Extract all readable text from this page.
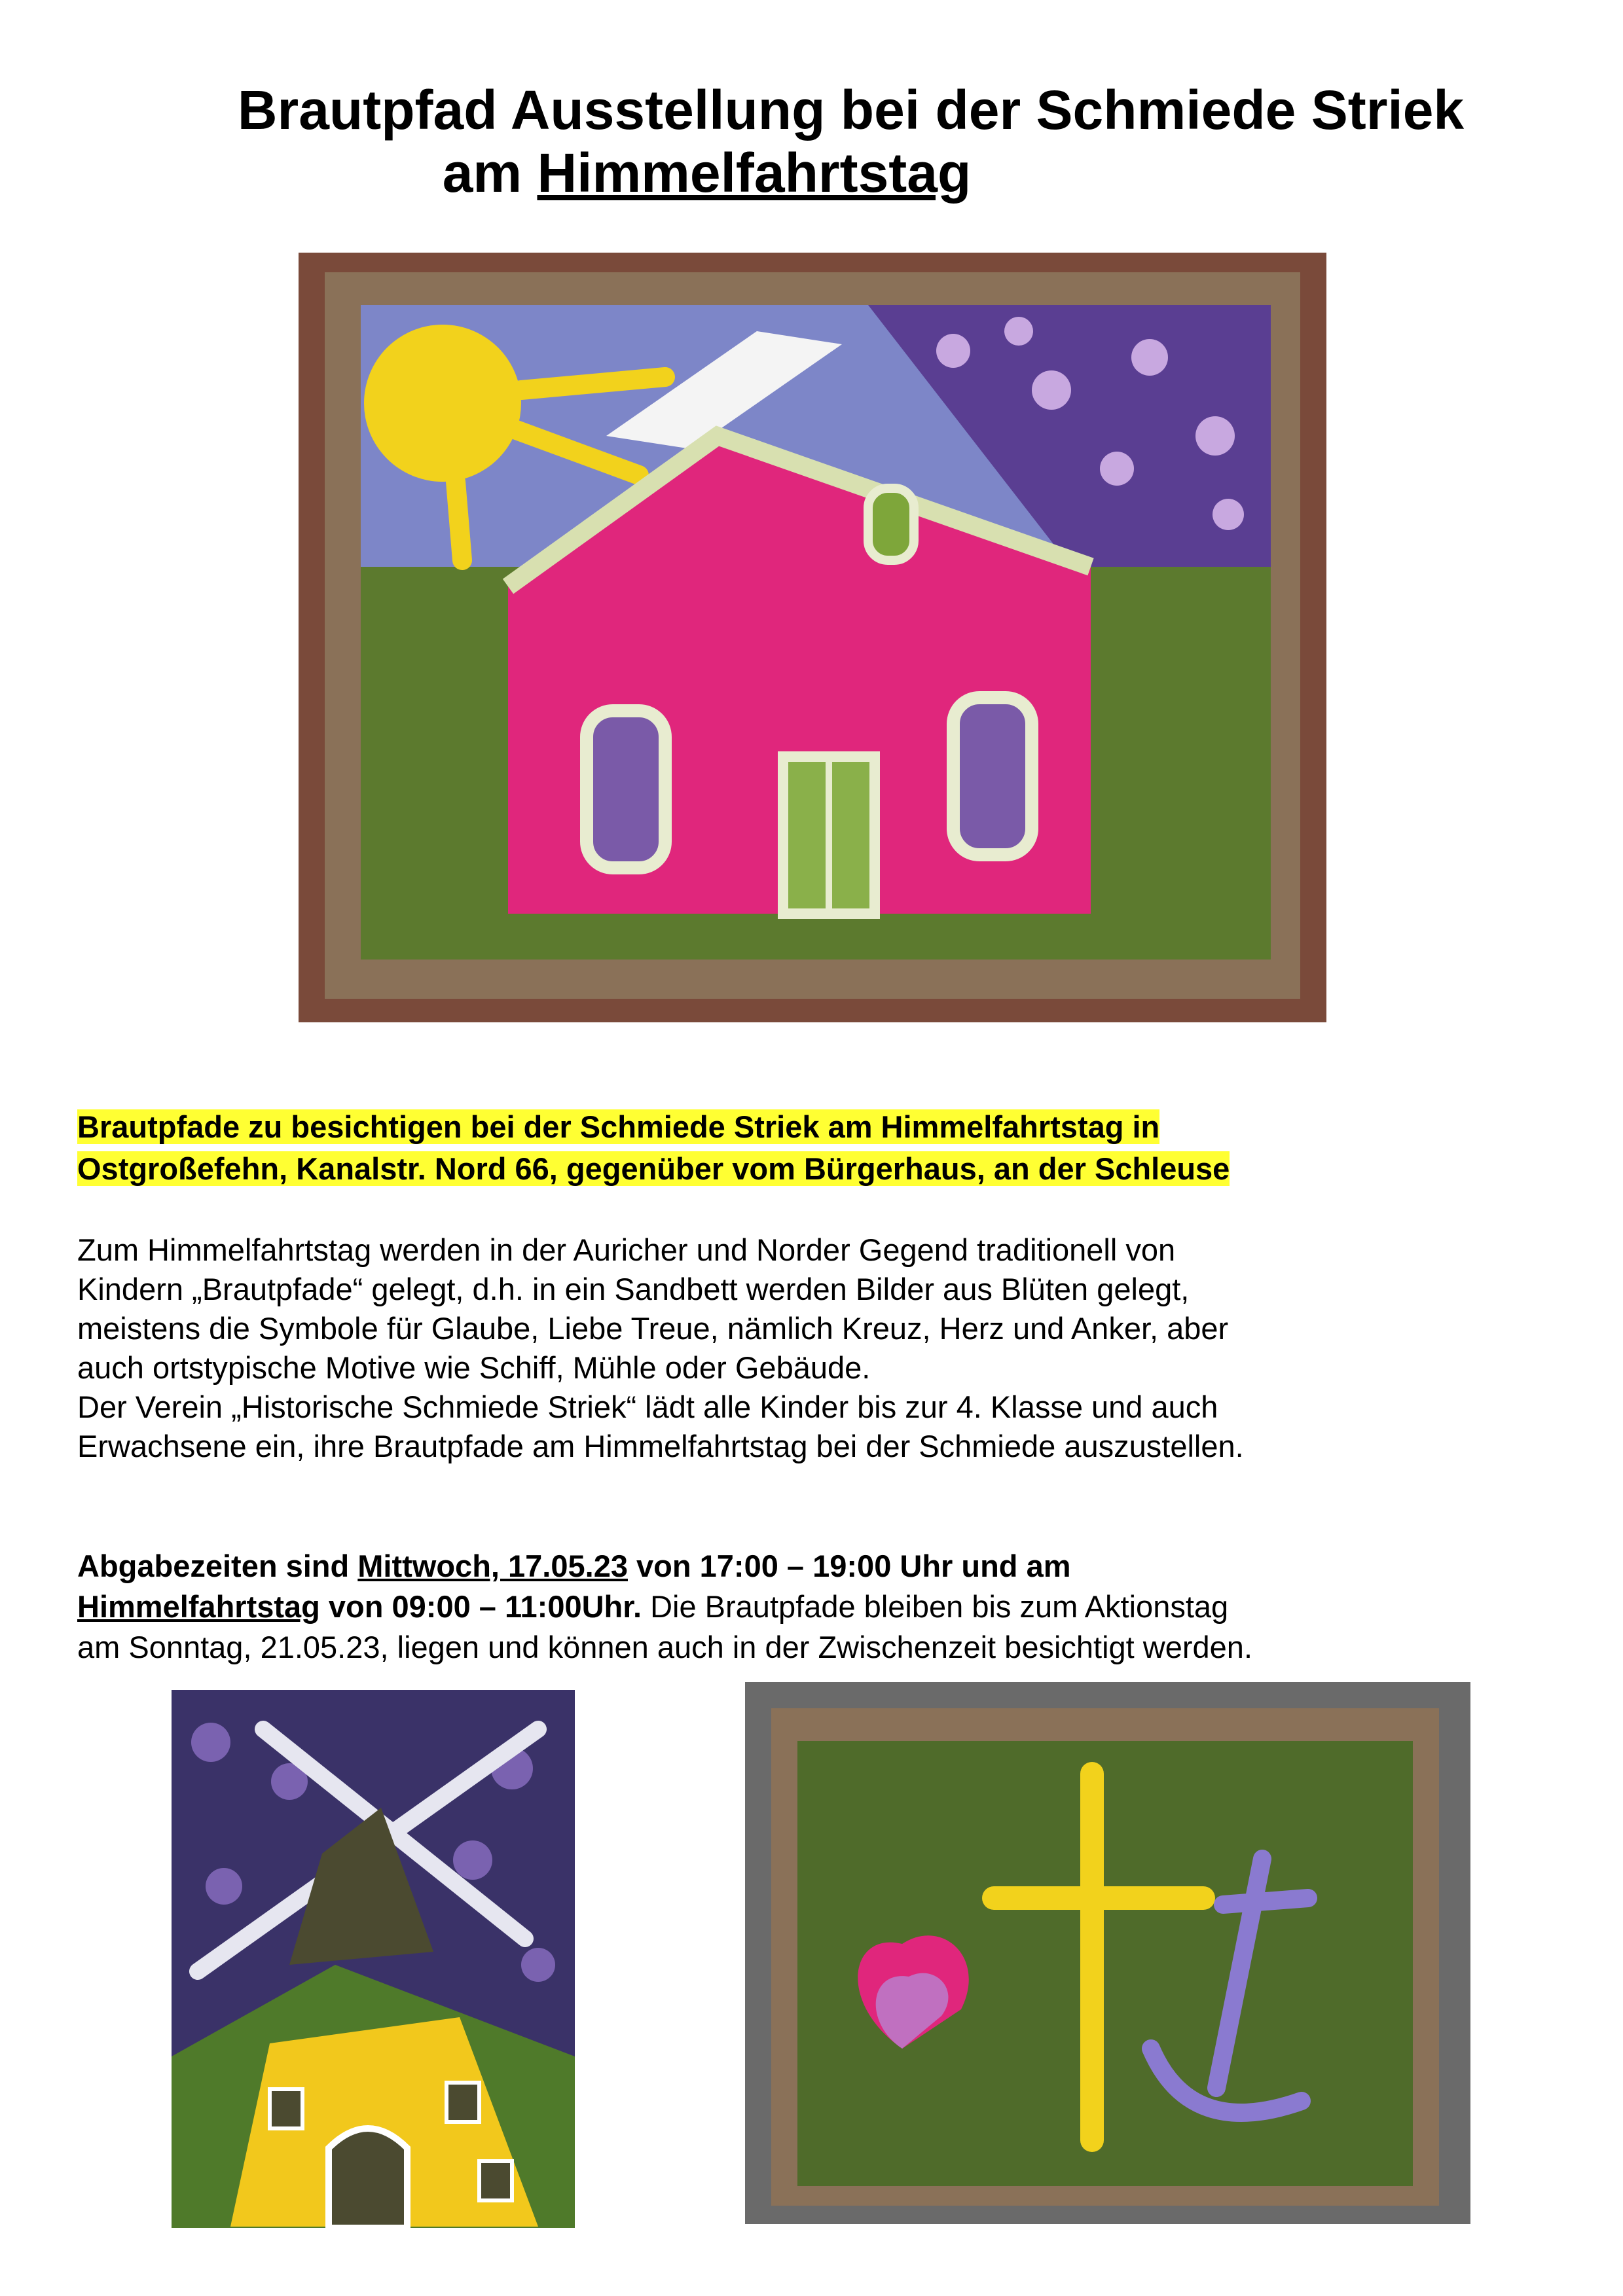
Brautpfad Ausstellung bei der Schmiede Striek
am Himmelfahrtstag
Brautpfade zu besichtigen bei der Schmiede Striek am Himmelfahrtstag in
Ostgroßefehn, Kanalstr. Nord 66, gegenüber vom Bürgerhaus, an der Schleuse

Zum Himmelfahrtstag werden in der Auricher und Norder Gegend traditionell von

Kindern „Brautpfade“ gelegt, d.h. in ein Sandbett werden Bilder aus Blüten gelegt,

meistens die Symbole für Glaube, Liebe Treue, nämlich Kreuz, Herz und Anker, aber

auch ortstypische Motive wie Schiff, Mühle oder Gebäude.

Der Verein „Historische Schmiede Striek“ lädt alle Kinder bis zur 4. Klasse und auch

Erwachsene ein, ihre Brautpfade am Himmelfahrtstag bei der Schmiede auszustellen.

Abgabezeiten sind Mittwoch, 17.05.23 von 17:00 – 19:00 Uhr und am
Himmelfahrtstag von 09:00 – 11:00Uhr. Die Brautpfade bleiben bis zum Aktionstag
am Sonntag, 21.05.23, liegen und können auch in der Zwischenzeit besichtigt werden.
